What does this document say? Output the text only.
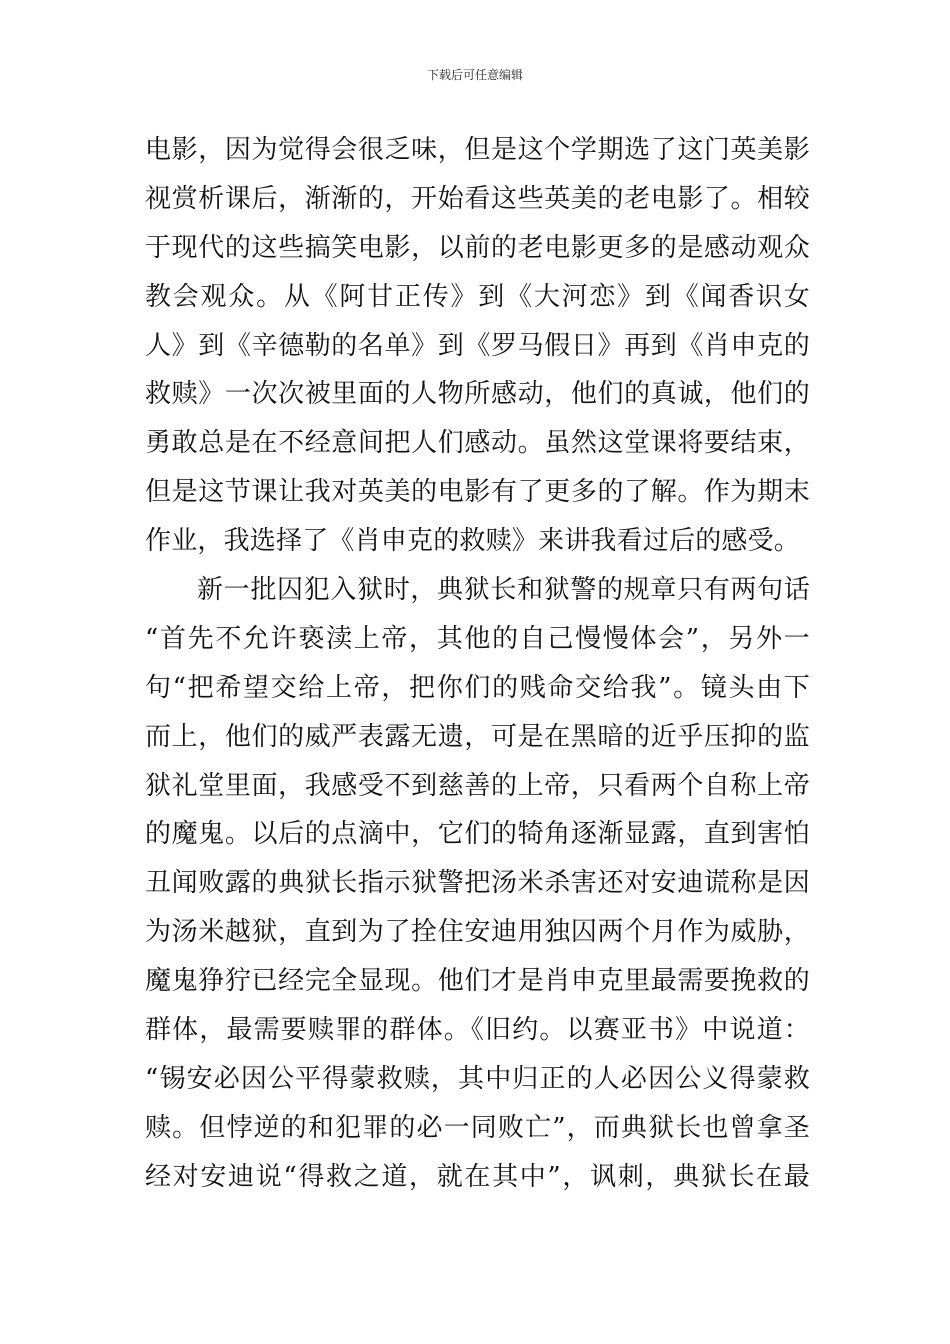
下载后可任意编辑
电影，因为觉得会很乏味，但是这个学期选了这门英美影
视赏析课后，渐渐的，开始看这些英美的老电影了。相较
于现代的这些搞笑电影，以前的老电影更多的是感动观众
教会观众。从《阿甘正传》到《大河恋》到《闻香识女
人》到《辛德勒的名单》到《罗马假日》再到《肖申克的
救赎》一次次被里面的人物所感动，他们的真诚，他们的
勇敢总是在不经意间把人们感动。虽然这堂课将要结束，
但是这节课让我对英美的电影有了更多的了解。作为期末
作业，我选择了《肖申克的救赎》来讲我看过后的感受。
新一批囚犯入狱时，典狱长和狱警的规章只有两句话
“首先不允许亵渎上帝，其他的自己慢慢体会”，另外一
句“把希望交给上帝，把你们的贱命交给我”。镜头由下
而上，他们的威严表露无遗，可是在黑暗的近乎压抑的监
狱礼堂里面，我感受不到慈善的上帝，只看两个自称上帝
的魔鬼。以后的点滴中，它们的犄角逐渐显露，直到害怕
丑闻败露的典狱长指示狱警把汤米杀害还对安迪谎称是因
为汤米越狱，直到为了拴住安迪用独囚两个月作为威胁，
魔鬼狰狞已经完全显现。他们才是肖申克里最需要挽救的
群体，最需要赎罪的群体。《旧约。以赛亚书》中说道：
“锡安必因公平得蒙救赎，其中归正的人必因公义得蒙救
赎。但悖逆的和犯罪的必一同败亡”，而典狱长也曾拿圣
经对安迪说“得救之道，就在其中”，讽刺，典狱长在最
